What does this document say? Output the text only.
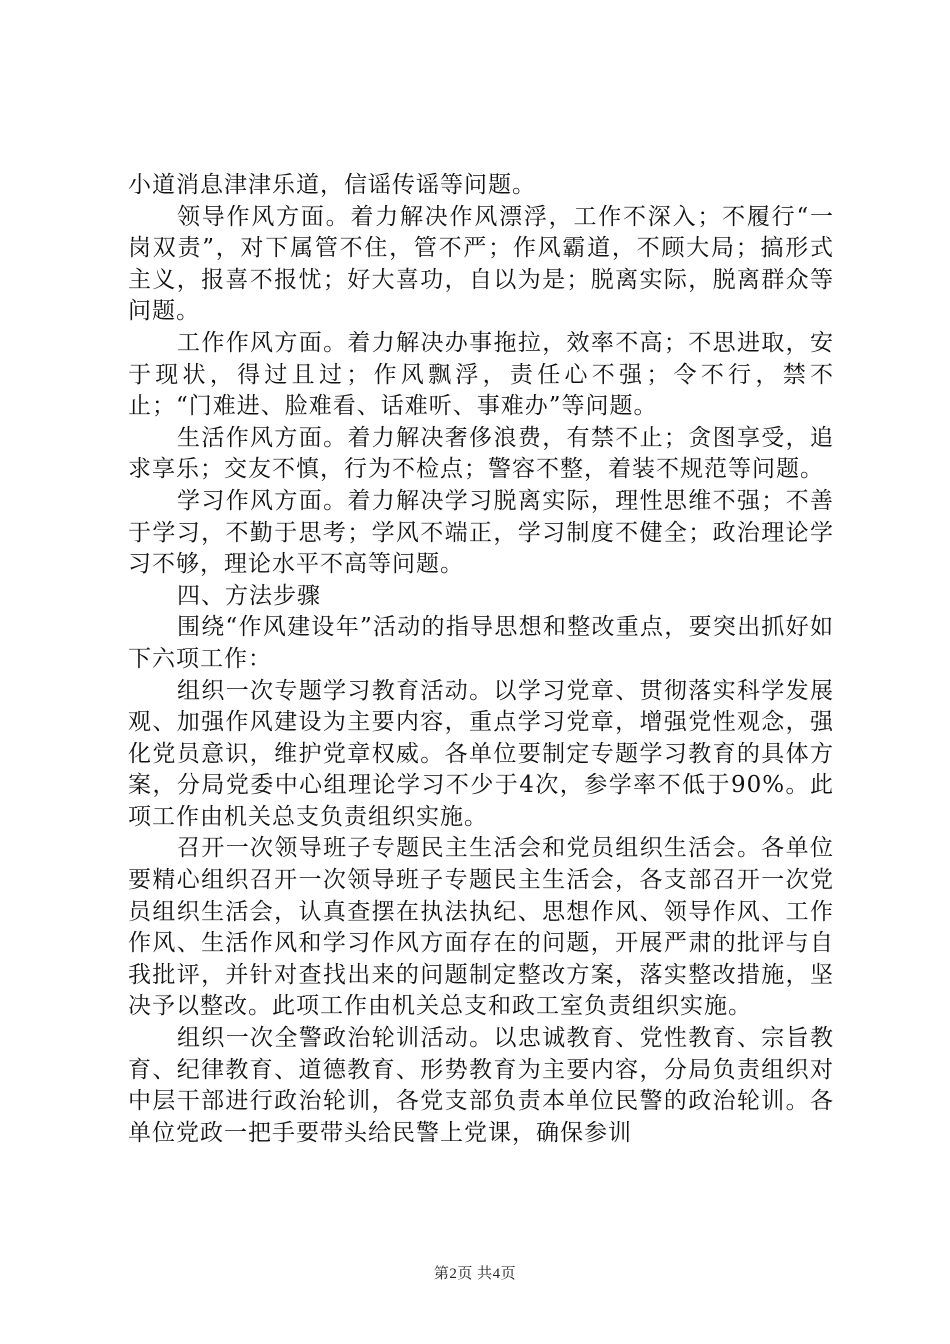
小道消息津津乐道，信谣传谣等问题。

领导作风方面。着力解决作风漂浮，工作不深入；不履行“一岗双责”，对下属管不住，管不严；作风霸道，不顾大局；搞形式主义，报喜不报忧；好大喜功，自以为是；脱离实际，脱离群众等问题。

工作作风方面。着力解决办事拖拉，效率不高；不思进取，安于现状，得过且过；作风飘浮，责任心不强；令不行，禁不止；“门难进、脸难看、话难听、事难办”等问题。

生活作风方面。着力解决奢侈浪费，有禁不止；贪图享受，追求享乐；交友不慎，行为不检点；警容不整，着装不规范等问题。

学习作风方面。着力解决学习脱离实际，理性思维不强；不善于学习，不勤于思考；学风不端正，学习制度不健全；政治理论学习不够，理论水平不高等问题。

四、方法步骤

围绕“作风建设年”活动的指导思想和整改重点，要突出抓好如下六项工作：

组织一次专题学习教育活动。以学习党章、贯彻落实科学发展观、加强作风建设为主要内容，重点学习党章，增强党性观念，强化党员意识，维护党章权威。各单位要制定专题学习教育的具体方案，分局党委中心组理论学习不少于4次，参学率不低于90%。此项工作由机关总支负责组织实施。

召开一次领导班子专题民主生活会和党员组织生活会。各单位要精心组织召开一次领导班子专题民主生活会，各支部召开一次党员组织生活会，认真查摆在执法执纪、思想作风、领导作风、工作作风、生活作风和学习作风方面存在的问题，开展严肃的批评与自我批评，并针对查找出来的问题制定整改方案，落实整改措施，坚决予以整改。此项工作由机关总支和政工室负责组织实施。

组织一次全警政治轮训活动。以忠诚教育、党性教育、宗旨教育、纪律教育、道德教育、形势教育为主要内容，分局负责组织对中层干部进行政治轮训，各党支部负责本单位民警的政治轮训。各单位党政一把手要带头给民警上党课，确保参训

第2页 共4页
